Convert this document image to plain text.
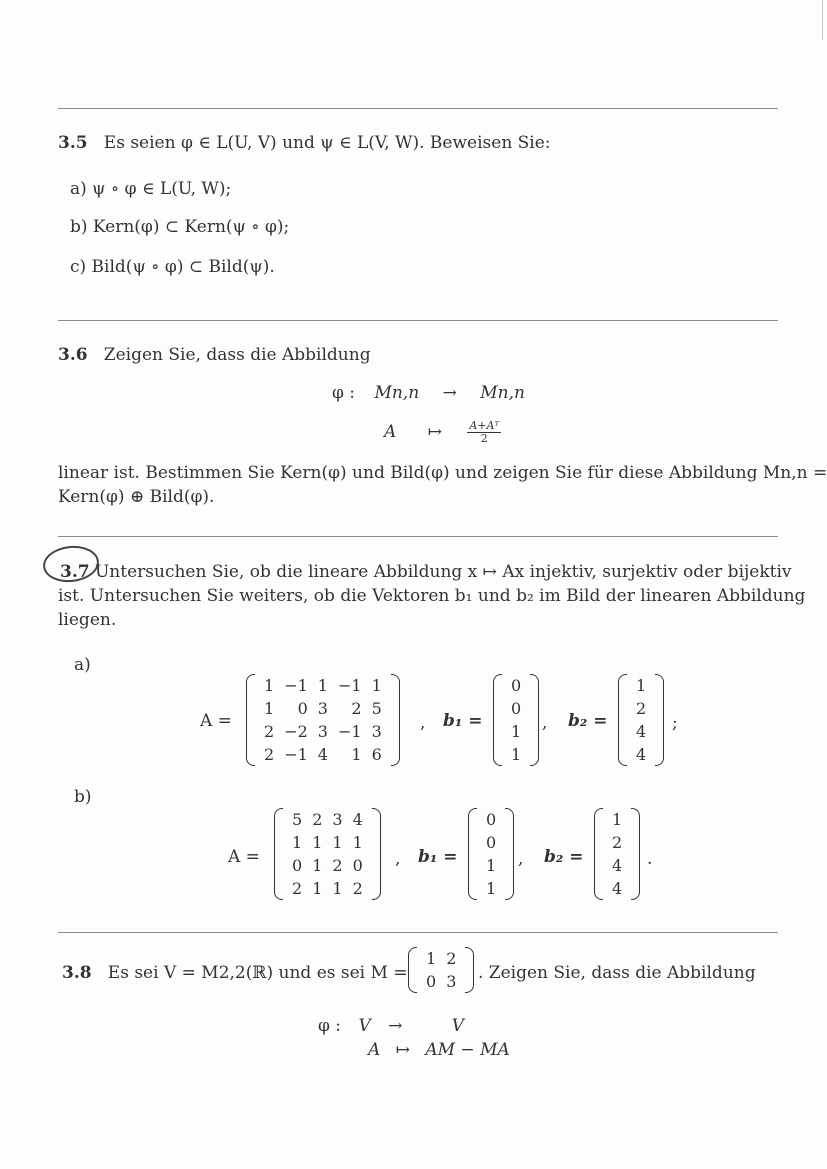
3.5 Es seien φ ∈ L(U, V) und ψ ∈ L(V, W). Beweisen Sie:
a) ψ ∘ φ ∈ L(U, W);
b) Kern(φ) ⊂ Kern(ψ ∘ φ);
c) Bild(ψ ∘ φ) ⊂ Bild(ψ).
3.6 Zeigen Sie, dass die Abbildung
φ : Mn,n → Mn,n
A ↦ $\frac{\text{A+Aᵀ}}{2}$
linear ist. Bestimmen Sie Kern(φ) und Bild(φ) und zeigen Sie für diese Abbildung Mn,n =
Kern(φ) ⊕ Bild(φ).
3.7 Untersuchen Sie, ob die lineare Abbildung x ↦ Ax injektiv, surjektiv oder bijektiv
ist. Untersuchen Sie weiters, ob die Vektoren b₁ und b₂ im Bild der linearen Abbildung
liegen.
a)
A =
1	−1	1	−1	1
1	0	3	2	5
2	−2	3	−1	3
2	−1	4	1	6
, b₁ =
0
0
1
1
, b₂ =
1
2
4
4
;
b)
A =
5	2	3	4
1	1	1	1
0	1	2	0
2	1	1	2
, b₁ =
0
0
1
1
, b₂ =
1
2
4
4
.
3.8 Es sei V = M2,2(ℝ) und es sei M =
1	2
0	3 . Zeigen Sie, dass die Abbildung
φ : V →	V
A ↦ AM − MA
